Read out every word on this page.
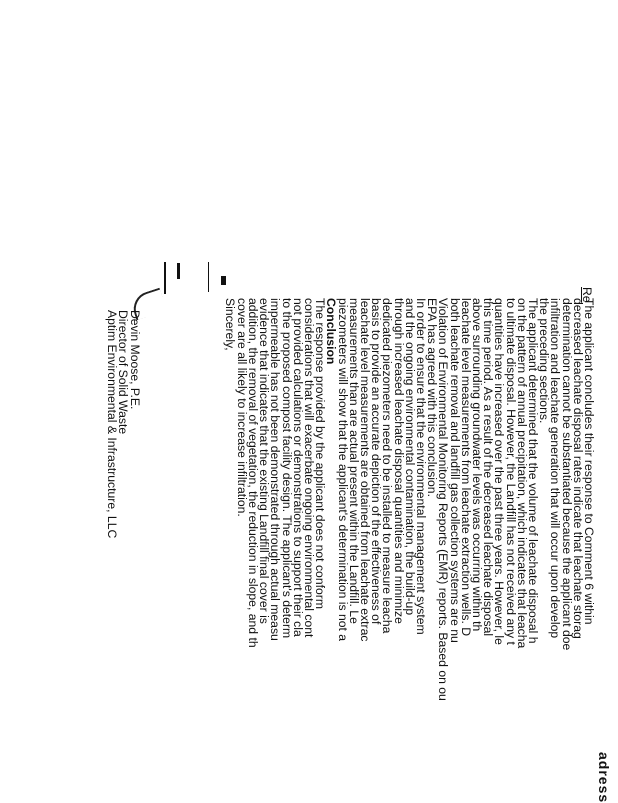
adress
Re
The applicant concludes their response to Comment 6 within
decreased leachate disposal rates indicate that leachate storag
determination cannot be substantiated because the applicant doe
infiltration and leachate generation that will occur upon develop
the preceding sections.
The applicant determined that the volume of leachate disposal h
on the pattern of annual precipitation, which indicates that leacha
to ultimate disposal. However, the Landfill has not received any t
quantities have increased over the past three years. However, le
this time period. As a result of the decreased leachate disposal
above surrounding groundwater levels was occurring within th
leachate level measurements from leachate extraction wells. D
both leachate removal and landfill gas collection systems are nu
Violation of Environmental Monitoring Reports (EMR) reports. Based on ou
EPA has agreed with this conclusion.
In order to ensure that the environmental management system
and the ongoing environmental contamination, the build-up
through increased leachate disposal quantities and minimize
dedicated piezometers need to be installed to measure leacha
basis to provide an accurate depiction of the effectiveness of
leachate level measurements are obtained from leachate extrac
measurements than are actual present within the Landfill. Le
piezometers will show that the applicant's determination is not a
Conclusion
The response provided by the applicant does not conform
considerations that will exacerbate ongoing environmental cont
not provided calculations or demonstrations to support their cla
to the proposed compost facility design. The applicant's determ
impermeable has not been demonstrated through actual measu
evidence that indicates that the existing Landfill final cover is
addition, the removal of vegetation, the reduction in slope, and th
cover are all likely to increase infiltration.
Sincerely,
Devin Moose, P.E.
Director of Solid Waste
Aptim Environmental & Infrastructure, LLC
